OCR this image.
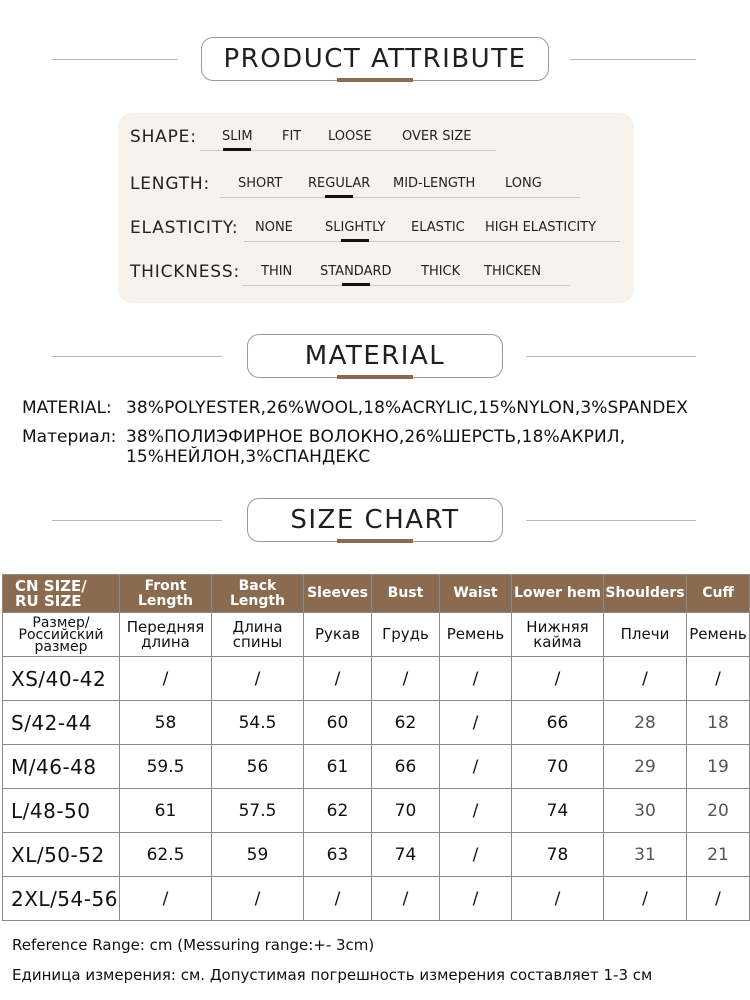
PRODUCT ATTRIBUTE
SHAPE: SLIM FIT LOOSE OVER SIZE
LENGTH: SHORT REGULAR MID-LENGTH LONG
ELASTICITY: NONE SLIGHTLY ELASTIC HIGH ELASTICITY
THICKNESS: THIN STANDARD THICK THICKEN
MATERIAL
MATERIAL: 38%POLYESTER,26%WOOL,18%ACRYLIC,15%NYLON,3%SPANDEX
Материал: 38%ПОЛИЭФИРНОЕ ВОЛОКНО,26%ШЕРСТЬ,18%АКРИЛ,
15%НЕЙЛОН,3%СПАНДЕКС
SIZE CHART
CN SIZE/
RU SIZE	Front Length	Back Length	Sleeves	Bust	Waist	Lower hem	Shoulders	Cuff
Размер/
Российский
размер	Передняя
длина	Длина
спины	Рукав	Грудь	Ремень	Нижняя
кайма	Плечи	Ремень
XS/40-42	/	/	/	/	/	/	/	/
S/42-44	58	54.5	60	62	/	66	28	18
M/46-48	59.5	56	61	66	/	70	29	19
L/48-50	61	57.5	62	70	/	74	30	20
XL/50-52	62.5	59	63	74	/	78	31	21
2XL/54-56	/	/	/	/	/	/	/	/
Reference Range: cm (Messuring range:+- 3cm)
Единица измерения: см. Допустимая погрешность измерения составляет 1-3 см
